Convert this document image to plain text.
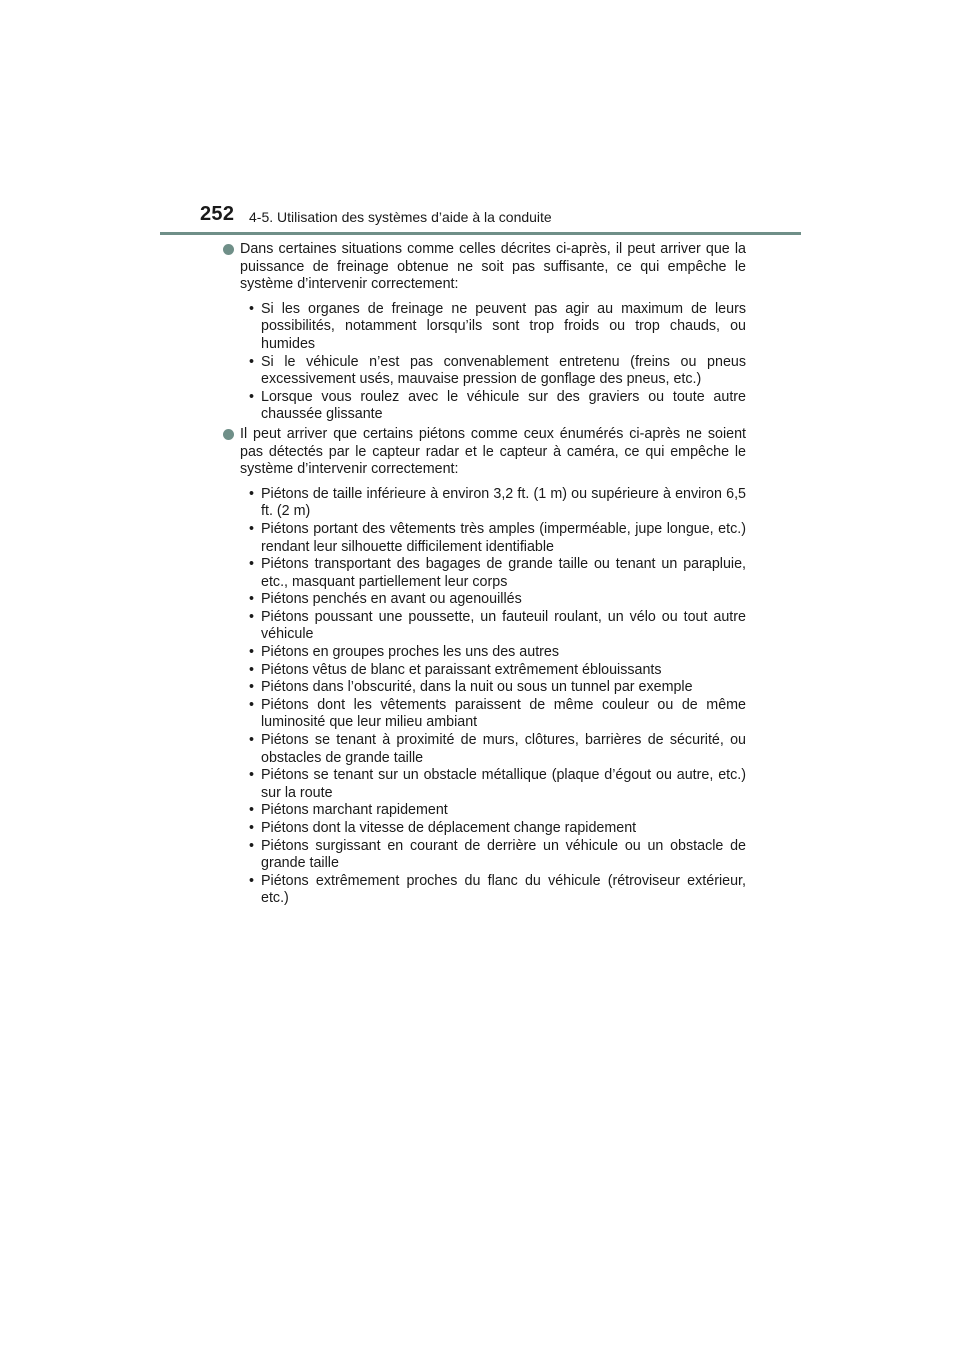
252 4-5. Utilisation des systèmes d’aide à la conduite
Dans certaines situations comme celles décrites ci-après, il peut arriver que la puissance de freinage obtenue ne soit pas suffisante, ce qui empêche le système d’intervenir correctement:
• Si les organes de freinage ne peuvent pas agir au maximum de leurs possibilités, notamment lorsqu’ils sont trop froids ou trop chauds, ou humides
• Si le véhicule n’est pas convenablement entretenu (freins ou pneus excessivement usés, mauvaise pression de gonflage des pneus, etc.)
• Lorsque vous roulez avec le véhicule sur des graviers ou toute autre chaussée glissante
Il peut arriver que certains piétons comme ceux énumérés ci-après ne soient pas détectés par le capteur radar et le capteur à caméra, ce qui empêche le système d’intervenir correctement:
• Piétons de taille inférieure à environ 3,2 ft. (1 m) ou supérieure à environ 6,5 ft. (2 m)
• Piétons portant des vêtements très amples (imperméable, jupe longue, etc.) rendant leur silhouette difficilement identifiable
• Piétons transportant des bagages de grande taille ou tenant un parapluie, etc., masquant partiellement leur corps
• Piétons penchés en avant ou agenouillés
• Piétons poussant une poussette, un fauteuil roulant, un vélo ou tout autre véhicule
• Piétons en groupes proches les uns des autres
• Piétons vêtus de blanc et paraissant extrêmement éblouissants
• Piétons dans l’obscurité, dans la nuit ou sous un tunnel par exemple
• Piétons dont les vêtements paraissent de même couleur ou de même luminosité que leur milieu ambiant
• Piétons se tenant à proximité de murs, clôtures, barrières de sécurité, ou obstacles de grande taille
• Piétons se tenant sur un obstacle métallique (plaque d’égout ou autre, etc.) sur la route
• Piétons marchant rapidement
• Piétons dont la vitesse de déplacement change rapidement
• Piétons surgissant en courant de derrière un véhicule ou un obstacle de grande taille
• Piétons extrêmement proches du flanc du véhicule (rétroviseur extérieur, etc.)
